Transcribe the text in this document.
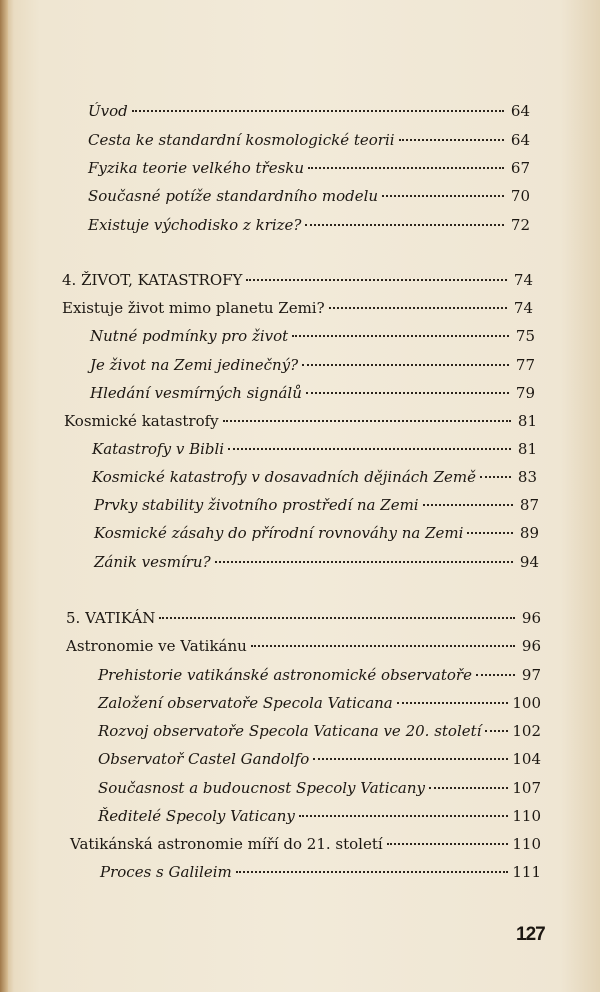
Úvod	64
Cesta ke standardní kosmologické teorii	64
Fyzika teorie velkého třesku	67
Současné potíže standardního modelu	70
Existuje východisko z krize?	72
4. ŽIVOT, KATASTROFY	74
Existuje život mimo planetu Zemi?	74
Nutné podmínky pro život	75
Je život na Zemi jedinečný?	77
Hledání vesmírných signálů	79
Kosmické katastrofy	81
Katastrofy v Bibli	81
Kosmické katastrofy v dosavadních dějinách Země	83
Prvky stability životního prostředí na Zemi	87
Kosmické zásahy do přírodní rovnováhy na Zemi	89
Zánik vesmíru?	94
5. VATIKÁN	96
Astronomie ve Vatikánu	96
Prehistorie vatikánské astronomické observatoře	97
Založení observatoře Specola Vaticana	100
Rozvoj observatoře Specola Vaticana ve 20. století 102
Observatoř Castel Gandolfo	104
Současnost a budoucnost Specoly Vaticany	107
Ředitelé Specoly Vaticany	110
Vatikánská astronomie míří do 21. století	110
Proces s Galileim	111
127
